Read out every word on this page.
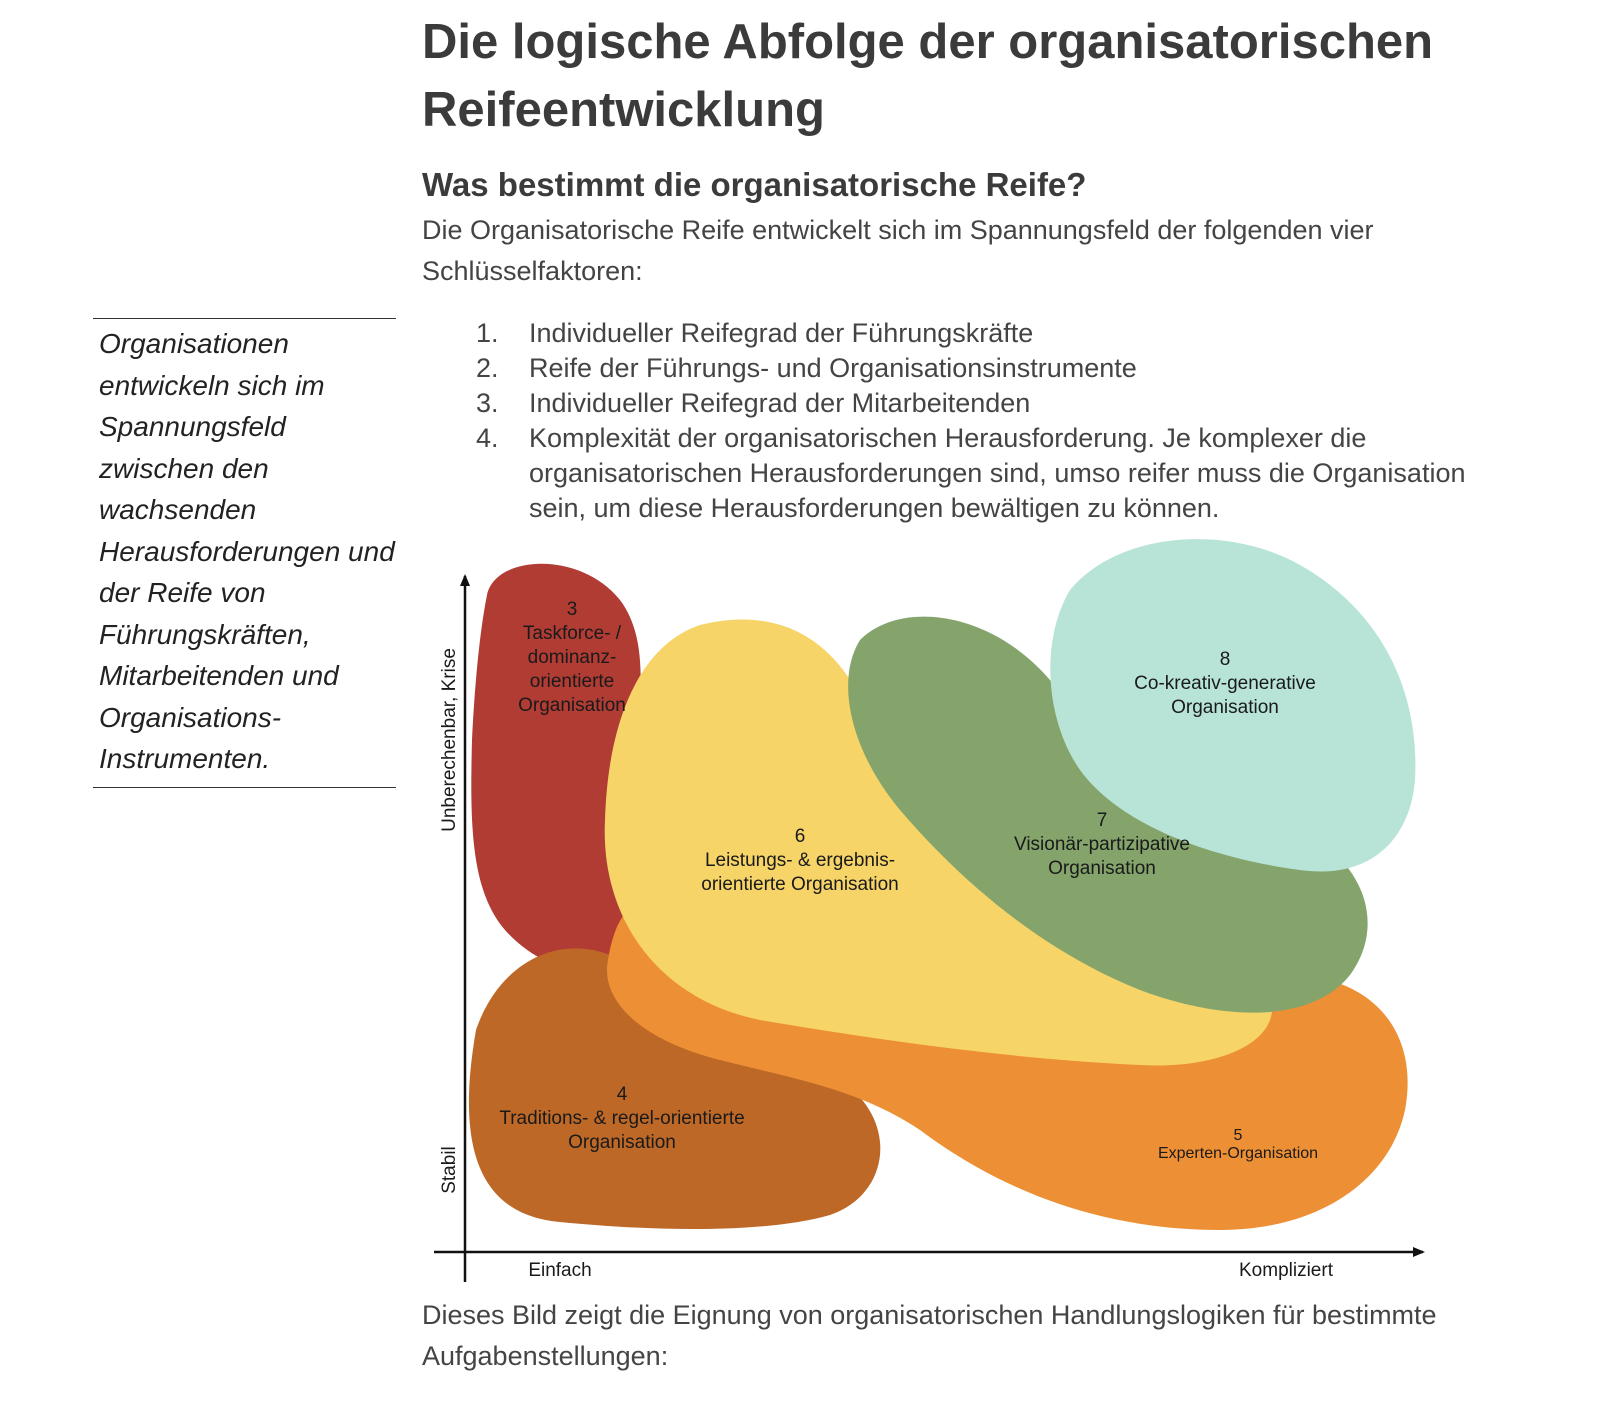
Die logische Abfolge der organisatorischen Reifeentwicklung
Was bestimmt die organisatorische Reife?

Die Organisatorische Reife entwickelt sich im Spannungsfeld der folgenden vier Schlüsselfaktoren:

1. Individueller Reifegrad der Führungskräfte
2. Reife der Führungs- und Organisationsinstrumente
3. Individueller Reifegrad der Mitarbeitenden
4. Komplexität der organisatorischen Herausforderung. Je komplexer die organisatorischen Herausforderungen sind, umso reifer muss die Organisation sein, um diese Herausforderungen bewältigen zu können.

Dieses Bild zeigt die Eignung von organisatorischen Handlungslogiken für bestimmte Aufgabenstellungen:

Organisationen entwickeln sich im Spannungsfeld zwischen den wachsenden Herausforderungen und der Reife von Führungskräften, Mitarbeitenden und Organisations-Instrumenten.	Unberechenbar, Krise
Stabil
Einfach	Kompliziert
3
Taskforce- /
dominanz-
orientierte
Organisation
6
Leistungs- & ergebnis-
orientierte Organisation
7
Visionär-partizipative
Organisation
8
Co-kreativ-generative
Organisation
4
Traditions- & regel-orientierte
Organisation	5
Experten-Organisation
